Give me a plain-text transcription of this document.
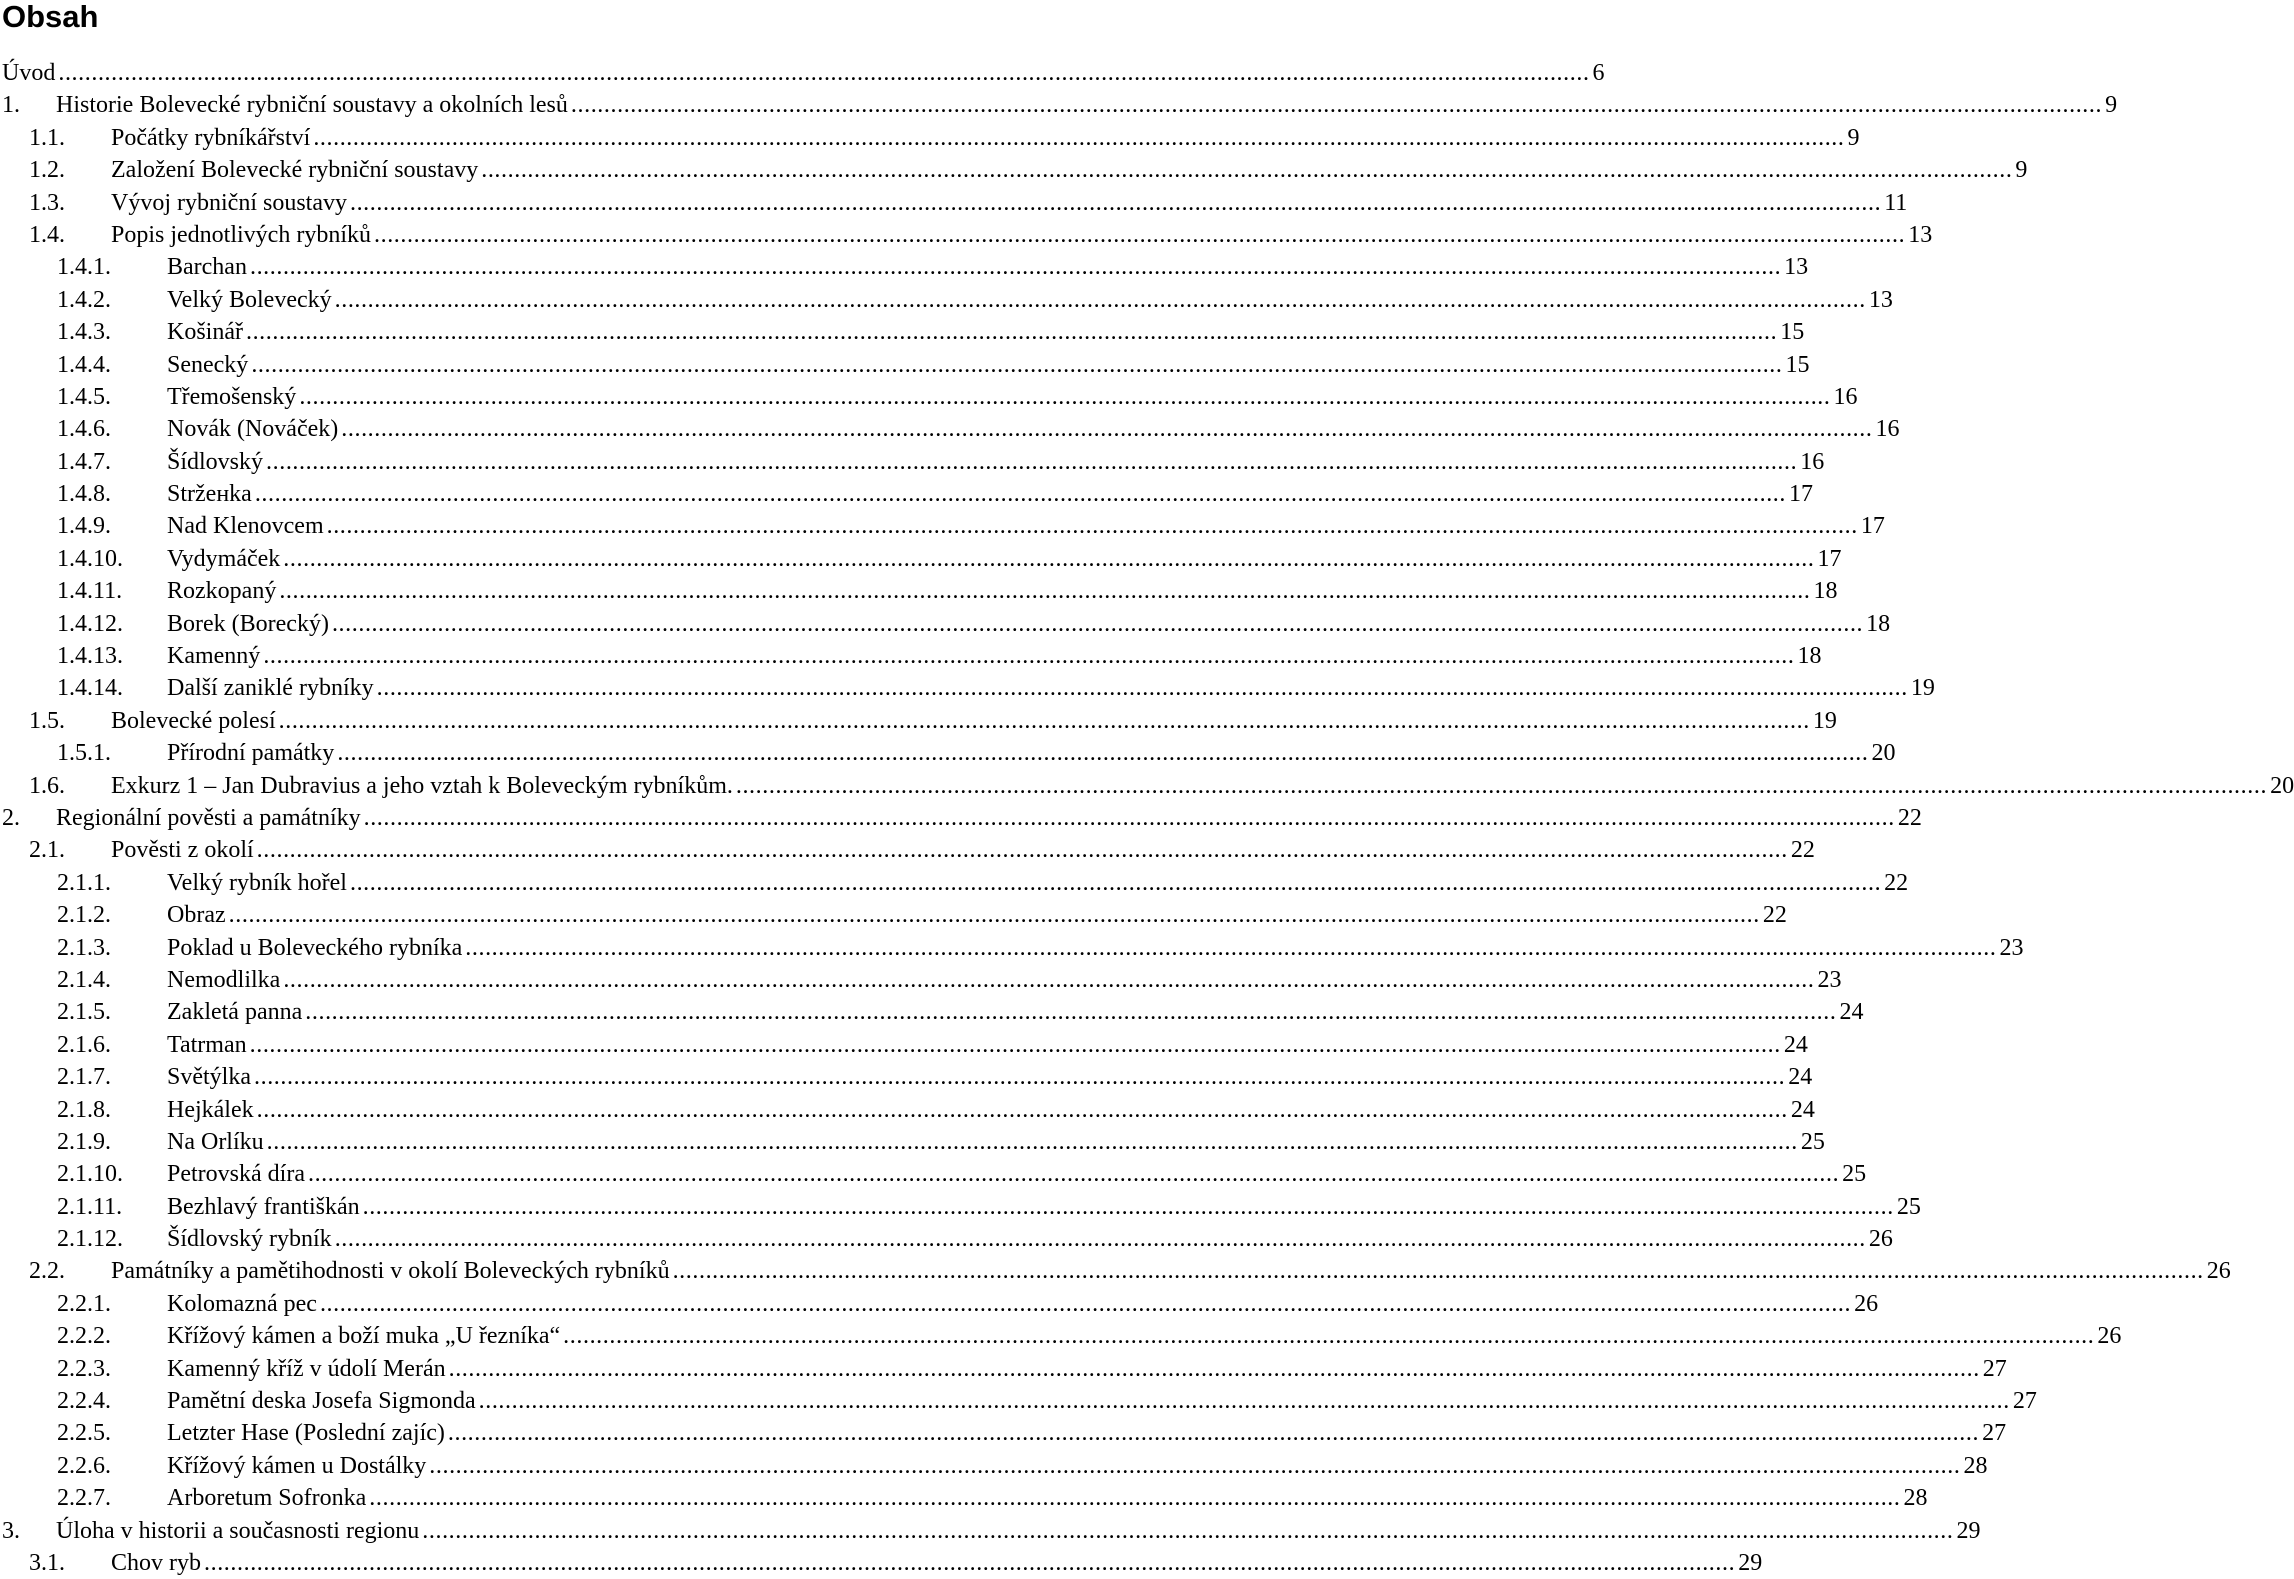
Obsah
Úvod ........................................................................................................................................................................................................................................ 6
1. Historie Bolevecké rybniční soustavy a okolních lesů ........................................................................................................................................................................................................................................ 9
1.1. Počátky rybníkářství ........................................................................................................................................................................................................................................ 9
1.2. Založení Bolevecké rybniční soustavy ........................................................................................................................................................................................................................................ 9
1.3. Vývoj rybniční soustavy ........................................................................................................................................................................................................................................ 11
1.4. Popis jednotlivých rybníků ........................................................................................................................................................................................................................................ 13
1.4.1. Barchan ........................................................................................................................................................................................................................................ 13
1.4.2. Velký Bolevecký ........................................................................................................................................................................................................................................ 13
1.4.3. Košinář ........................................................................................................................................................................................................................................ 15
1.4.4. Senecký ........................................................................................................................................................................................................................................ 15
1.4.5. Třemošenský ........................................................................................................................................................................................................................................ 16
1.4.6. Novák (Nováček) ........................................................................................................................................................................................................................................ 16
1.4.7. Šídlovský ........................................................................................................................................................................................................................................ 16
1.4.8. Stržенka ........................................................................................................................................................................................................................................ 17
1.4.9. Nad Klenovcem ........................................................................................................................................................................................................................................ 17
1.4.10. Vydymáček ........................................................................................................................................................................................................................................ 17
1.4.11. Rozkopaný ........................................................................................................................................................................................................................................ 18
1.4.12. Borek (Borecký) ........................................................................................................................................................................................................................................ 18
1.4.13. Kamenný ........................................................................................................................................................................................................................................ 18
1.4.14. Další zaniklé rybníky ........................................................................................................................................................................................................................................ 19
1.5. Bolevecké polesí ........................................................................................................................................................................................................................................ 19
1.5.1. Přírodní památky ........................................................................................................................................................................................................................................ 20
1.6. Exkurz 1 – Jan Dubravius a jeho vztah k Boleveckým rybníkům. ........................................................................................................................................................................................................................................ 20
2. Regionální pověsti a památníky ........................................................................................................................................................................................................................................ 22
2.1. Pověsti z okolí ........................................................................................................................................................................................................................................ 22
2.1.1. Velký rybník hořel ........................................................................................................................................................................................................................................ 22
2.1.2. Obraz ........................................................................................................................................................................................................................................ 22
2.1.3. Poklad u Boleveckého rybníka ........................................................................................................................................................................................................................................ 23
2.1.4. Nemodlilka ........................................................................................................................................................................................................................................ 23
2.1.5. Zakletá panna ........................................................................................................................................................................................................................................ 24
2.1.6. Tatrman ........................................................................................................................................................................................................................................ 24
2.1.7. Světýlka ........................................................................................................................................................................................................................................ 24
2.1.8. Hejkálek ........................................................................................................................................................................................................................................ 24
2.1.9. Na Orlíku ........................................................................................................................................................................................................................................ 25
2.1.10. Petrovská díra ........................................................................................................................................................................................................................................ 25
2.1.11. Bezhlavý františkán ........................................................................................................................................................................................................................................ 25
2.1.12. Šídlovský rybník ........................................................................................................................................................................................................................................ 26
2.2. Památníky a pamětihodnosti v okolí Boleveckých rybníků ........................................................................................................................................................................................................................................ 26
2.2.1. Kolomazná pec ........................................................................................................................................................................................................................................ 26
2.2.2. Křížový kámen a boží muka „U řezníka“ ........................................................................................................................................................................................................................................ 26
2.2.3. Kamenný kříž v údolí Merán ........................................................................................................................................................................................................................................ 27
2.2.4. Pamětní deska Josefa Sigmonda ........................................................................................................................................................................................................................................ 27
2.2.5. Letzter Hase (Poslední zajíc) ........................................................................................................................................................................................................................................ 27
2.2.6. Křížový kámen u Dostálky ........................................................................................................................................................................................................................................ 28
2.2.7. Arboretum Sofronka ........................................................................................................................................................................................................................................ 28
3. Úloha v historii a současnosti regionu ........................................................................................................................................................................................................................................ 29
3.1. Chov ryb ........................................................................................................................................................................................................................................ 29
